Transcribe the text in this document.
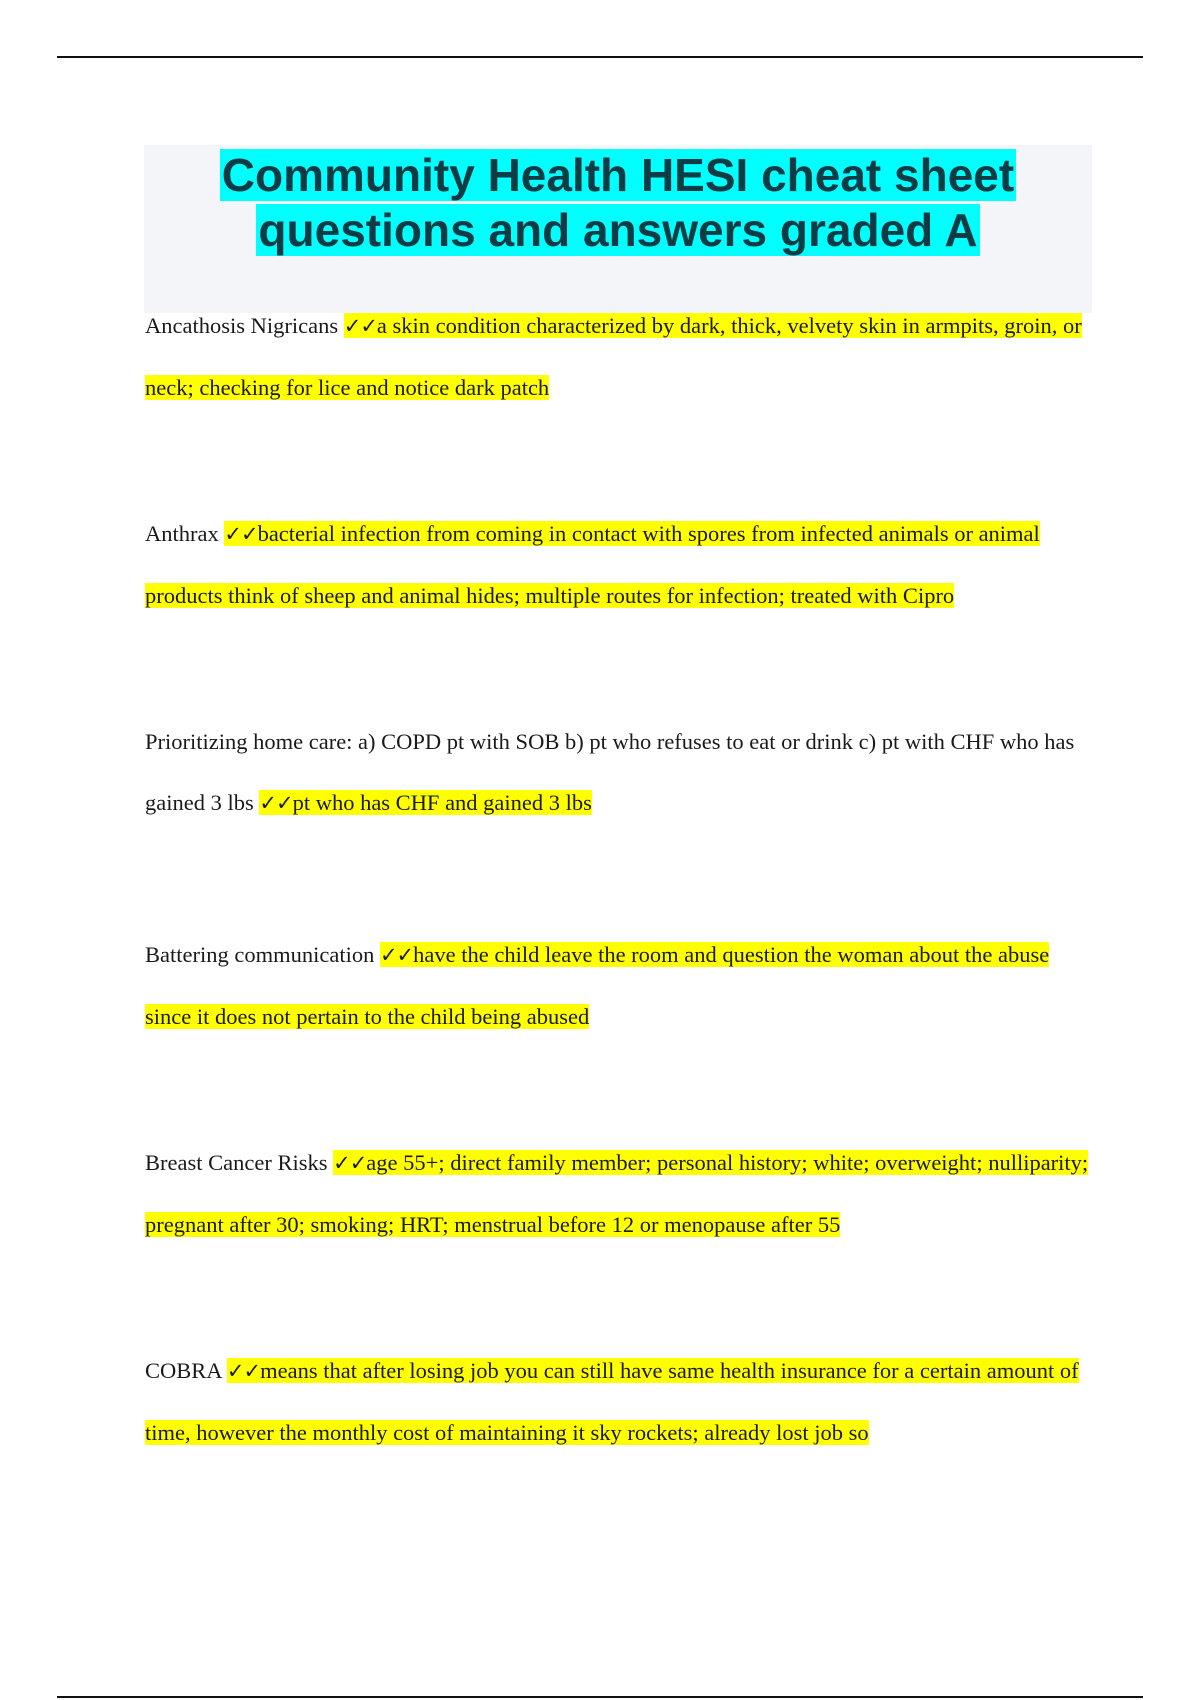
Community Health HESI cheat sheet
questions and answers graded A

Ancathosis Nigricans ✓✓a skin condition characterized by dark, thick, velvety skin in armpits, groin, or neck; checking for lice and notice dark patch

Anthrax ✓✓bacterial infection from coming in contact with spores from infected animals or animal products think of sheep and animal hides; multiple routes for infection; treated with Cipro

Prioritizing home care: a) COPD pt with SOB b) pt who refuses to eat or drink c) pt with CHF who has gained 3 lbs ✓✓pt who has CHF and gained 3 lbs

Battering communication ✓✓have the child leave the room and question the woman about the abuse since it does not pertain to the child being abused

Breast Cancer Risks ✓✓age 55+; direct family member; personal history; white; overweight; nulliparity; pregnant after 30; smoking; HRT; menstrual before 12 or menopause after 55

COBRA ✓✓means that after losing job you can still have same health insurance for a certain amount of time, however the monthly cost of maintaining it sky rockets; already lost job so
